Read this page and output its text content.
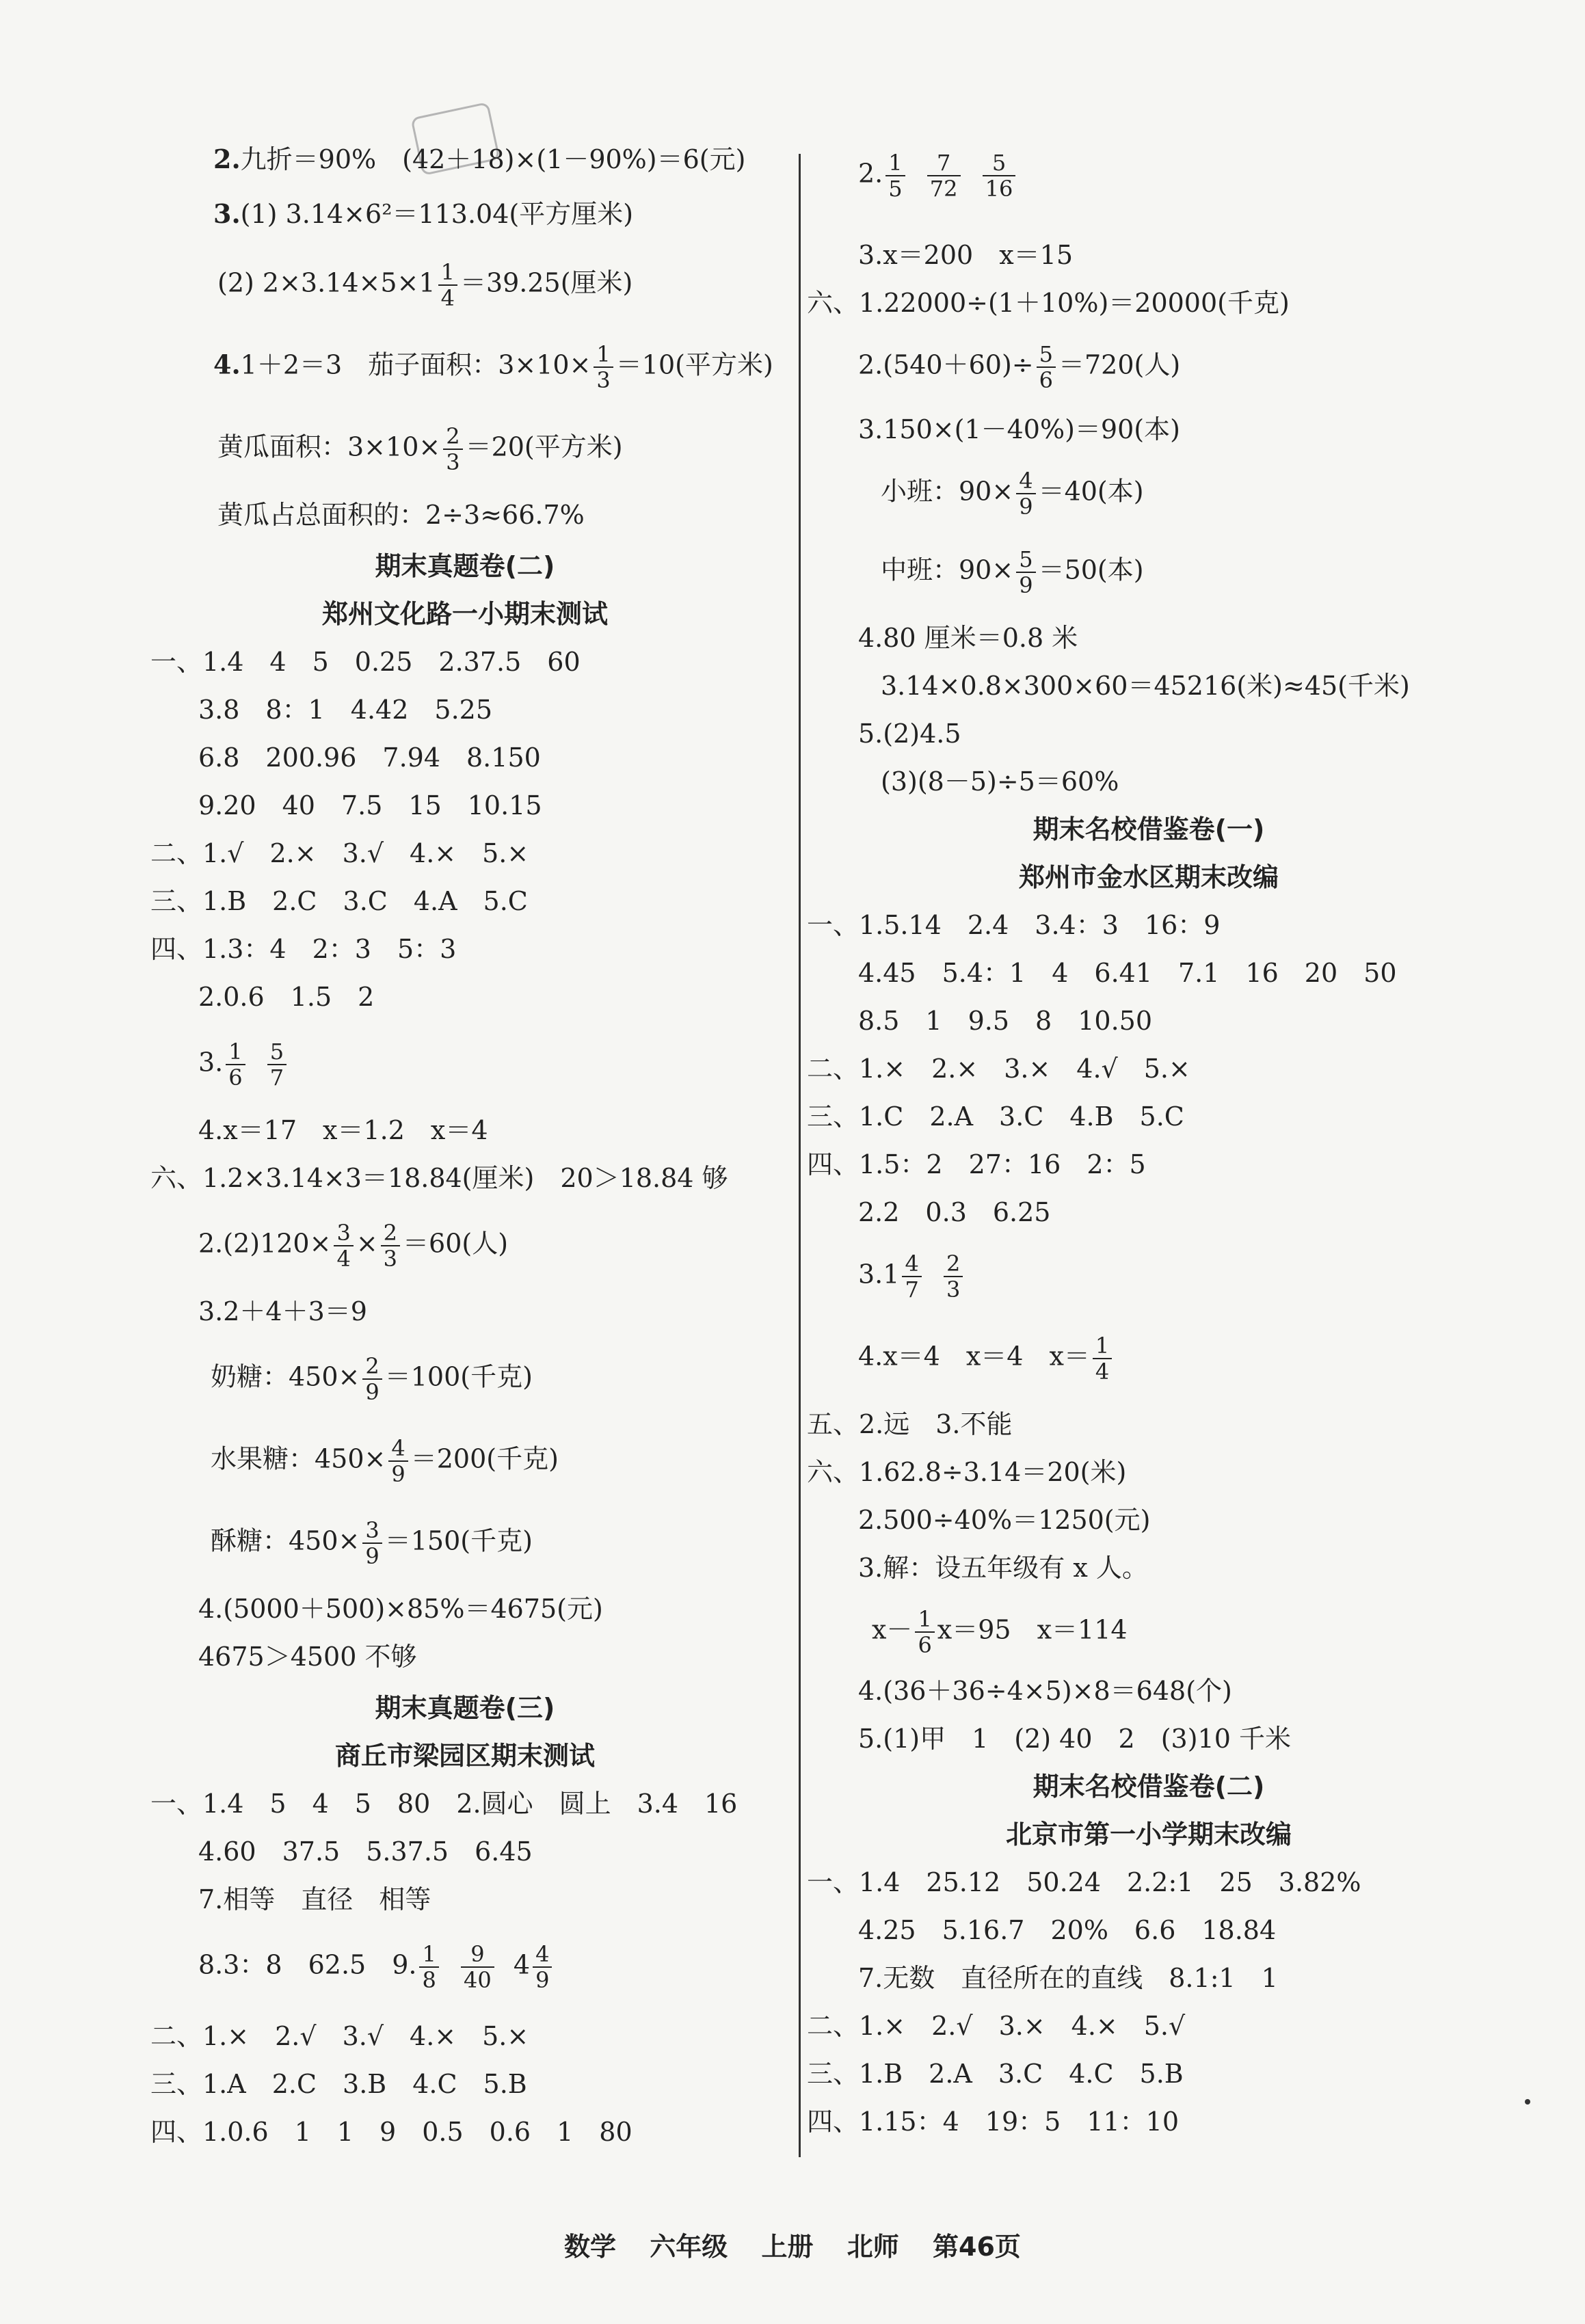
2.九折＝90%　(42＋18)×(1－90%)＝6(元)
3.(1) 3.14×6²＝113.04(平方厘米)
(2) $2\times 3.14\times 5\times 1 \frac{1}{4} =39.25$(厘米)
4.1＋2＝3　茄子面积：$3\times 10\times \frac{1}{3} =10$(平方米)
黄瓜面积：$3\times 10\times \frac{2}{3} =20$(平方米)
黄瓜占总面积的：2÷3≈66.7%
期末真题卷(二)
郑州文化路一小期末测试
一、1.4　4　5　0.25　2.37.5　60
3.8　8：1　4.42　5.25
6.8　200.96　7.94　8.150
9.20　40　7.5　15　10.15
二、1.√　2.×　3.√　4.×　5.×
三、1.B　2.C　3.C　4.A　5.C
四、1.3：4　2：3　5：3
2.0.6　1.5　2
3. $\frac{1}{6}$
$\frac{5}{7}$
4.x＝17　x＝1.2　x＝4
六、1.2×3.14×3＝18.84(厘米)　20＞18.84 够
$2.(2)120\times \frac{3}{4} \times \frac{2}{3} =60$(人)
3.2＋4＋3＝9
奶糖：$450\times \frac{2}{9} =100$(千克)
水果糖：$450\times \frac{4}{9} =200$(千克)
酥糖：$450\times \frac{3}{9} =150$(千克)
4.(5000＋500)×85%＝4675(元)
4675＞4500 不够
期末真题卷(三)
商丘市梁园区期末测试
一、1.4　5　4　5　80　2.圆心　圆上　3.4　16
4.60　37.5　5.37.5　6.45
7.相等　直径　相等
8.3：8　62.5　9. $\frac{1}{8}$
$\frac{9}{40} 4 \frac{4}{9}$
二、1.×　2.√　3.√　4.×　5.×
三、1.A　2.C　3.B　4.C　5.B
四、1.0.6　1　1　9　0.5　0.6　1　80
2. $\frac{1}{5}$
$\frac{7}{72}$
$\frac{5}{16}$
3.x＝200　x＝15
六、1.22000÷(1＋10%)＝20000(千克)
$2.(540+60)\div \frac{5}{6} =720$(人)
3.150×(1－40%)＝90(本)
小班：$90\times \frac{4}{9} =40$(本)
中班：$90\times \frac{5}{9} =50$(本)
4.80 厘米＝0.8 米
3.14×0.8×300×60＝45216(米)≈45(千米)
5.(2)4.5
(3)(8－5)÷5＝60%
期末名校借鉴卷(一)
郑州市金水区期末改编
一、1.5.14　2.4　3.4：3　16：9
4.45　5.4：1　4　6.41　7.1　16　20　50
8.5　1　9.5　8　10.50
二、1.×　2.×　3.×　4.√　5.×
三、1.C　2.A　3.C　4.B　5.C
四、1.5：2　27：16　2：5
2.2　0.3　6.25
$3.1 \frac{4}{7}$
$\frac{2}{3}$
4.x＝4　x＝4　$x= \frac{1}{4}$
五、2.远　3.不能
六、1.62.8÷3.14＝20(米)
2.500÷40%＝1250(元)
3.解：设五年级有 x 人。
$x- \frac{1}{6} x=95$　x＝114
4.(36＋36÷4×5)×8＝648(个)
5.(1)甲　1　(2) 40　2　(3)10 千米
期末名校借鉴卷(二)
北京市第一小学期末改编
一、1.4　25.12　50.24　2.2:1　25　3.82%
4.25　5.16.7　20%　6.6　18.84
7.无数　直径所在的直线　8.1:1　1
二、1.×　2.√　3.×　4.×　5.√
三、1.B　2.A　3.C　4.C　5.B
四、1.15：4　19：5　11：10
数学 六年级 上册 北师 第46页
